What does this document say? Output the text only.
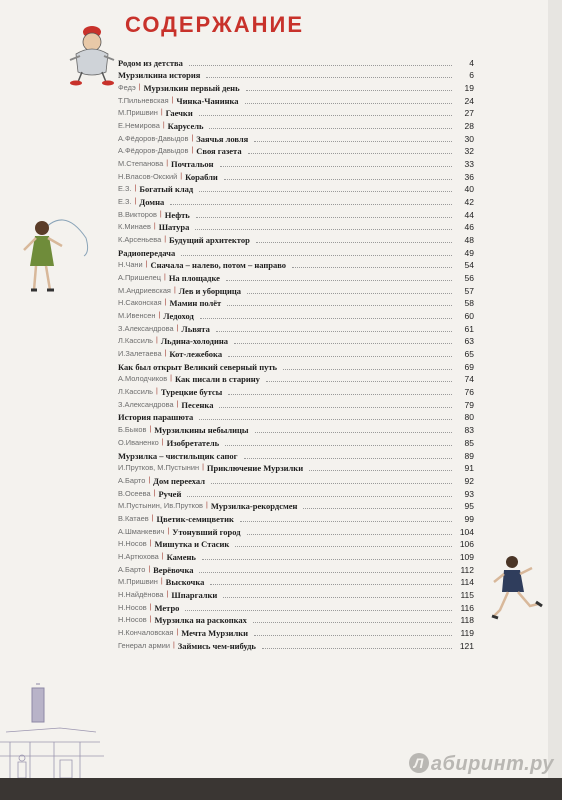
СОДЕРЖАНИЕ
Родом из детства	4
Мурзилкина история	6
Федэ | Мурзилкин первый день	19
Т.Пильневская | Чинка-Чанинка	24
М.Пришвин | Гаечки	27
Е.Немирова | Карусель	28
А.Фёдоров-Давыдов | Заячья ловля	30
А.Фёдоров-Давыдов | Своя газета	32
М.Степанова | Почтальон	33
Н.Власов-Окский | Корабли	36
Е.З. | Богатый клад	40
Е.З. | Домна	42
В.Викторов | Нефть	44
К.Минаев | Шатура	46
К.Арсеньева | Будущий архитектор	48
Радиопередача	49
Н.Чани | Сначала – налево, потом – направо	54
А.Пришелец | На площадке	56
М.Андриевская | Лев и уборщица	57
Н.Саконская | Мамин полёт	58
М.Ивенсен | Ледоход	60
З.Александрова | Львята	61
Л.Кассиль | Льдина-холодина	63
И.Залетаева | Кот-лежебока	65
Как был открыт Великий северный путь	69
А.Молодчиков | Как писали в старину	74
Л.Кассиль | Турецкие бутсы	76
З.Александрова | Песенка	79
История парашюта	80
Б.Быков | Мурзилкины небылицы	83
О.Иваненко | Изобретатель	85
Мурзилка – чистильщик сапог	89
И.Прутков, М.Пустынин | Приключение Мурзилки	91
А.Барто | Дом переехал	92
В.Осеева | Ручей	93
М.Пустынин, Ив.Прутков | Мурзилка-рекордсмен	95
В.Катаев | Цветик-семицветик	99
А.Шманкевич | Утонувший город	104
Н.Носов | Мишутка и Стасик	106
Н.Артюхова | Камень	109
А.Барто | Верёвочка	112
М.Пришвин | Выскочка	114
Н.Найдёнова | Шпаргалки	115
Н.Носов | Метро	116
Н.Носов | Мурзилка на раскопках	118
Н.Кончаловская | Мечта Мурзилки	119
Генерал армии | Займись чем-нибудь	121
Л абиринт.ру
